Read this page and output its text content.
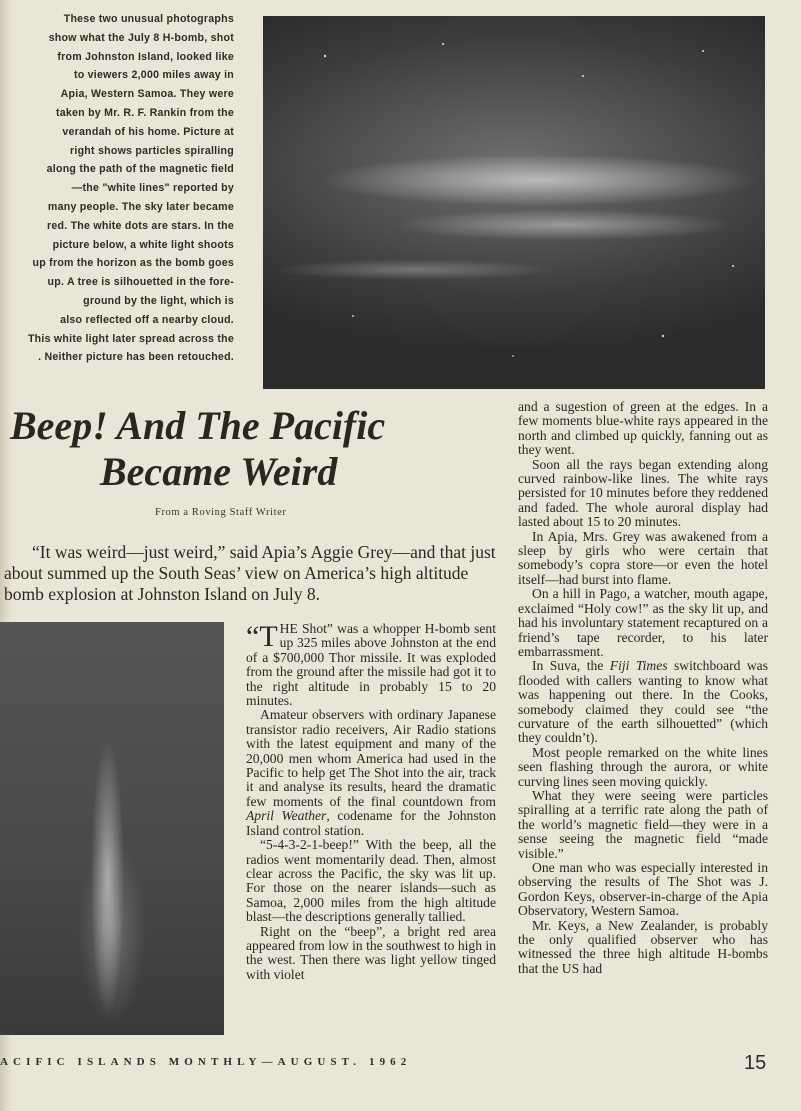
These two unusual photographs
show what the July 8 H-bomb, shot
from Johnston Island, looked like
to viewers 2,000 miles away in
Apia, Western Samoa. They were
taken by Mr. R. F. Rankin from the
verandah of his home. Picture at
right shows particles spiralling
along the path of the magnetic field
—the "white lines" reported by
many people. The sky later became
red. The white dots are stars. In the
picture below, a white light shoots
up from the horizon as the bomb goes
up. A tree is silhouetted in the fore-
ground by the light, which is
also reflected off a nearby cloud.
This white light later spread across the
. Neither picture has been retouched.
Beep! And The Pacific
Became Weird
From a Roving Staff Writer

“It was weird—just weird,” said Apia’s Aggie Grey—and that just about summed up the South Seas’ view on America’s high altitude bomb explosion at Johnston Island on July 8.

“T HE Shot” was a whopper H-bomb sent up 325 miles above Johnston at the end of a $700,000 Thor missile. It was exploded from the ground after the missile had got it to the right altitude in probably 15 to 20 minutes.

Amateur observers with ordinary Japanese transistor radio receivers, Air Radio stations with the latest equipment and many of the 20,000 men whom America had used in the Pacific to help get The Shot into the air, track it and analyse its results, heard the dramatic few moments of the final countdown from April Weather, codename for the Johnston Island control station.

“5-4-3-2-1-beep!” With the beep, all the radios went momentarily dead. Then, almost clear across the Pacific, the sky was lit up. For those on the nearer islands—such as Samoa, 2,000 miles from the high altitude blast—the descriptions generally tallied.

Right on the “beep”, a bright red area appeared from low in the southwest to high in the west. Then there was light yellow tinged with violet

and a sugestion of green at the edges. In a few moments blue-white rays appeared in the north and climbed up quickly, fanning out as they went.

Soon all the rays began extending along curved rainbow-like lines. The white rays persisted for 10 minutes before they reddened and faded. The whole auroral display had lasted about 15 to 20 minutes.

In Apia, Mrs. Grey was awakened from a sleep by girls who were certain that somebody’s copra store—or even the hotel itself—had burst into flame.

On a hill in Pago, a watcher, mouth agape, exclaimed “Holy cow!” as the sky lit up, and had his involuntary statement recaptured on a friend’s tape recorder, to his later embarrassment.

In Suva, the Fiji Times switchboard was flooded with callers wanting to know what was happening out there. In the Cooks, somebody claimed they could see “the curvature of the earth silhouetted” (which they couldn’t).

Most people remarked on the white lines seen flashing through the aurora, or white curving lines seen moving quickly.

What they were seeing were particles spiralling at a terrific rate along the path of the world’s magnetic field—they were in a sense seeing the magnetic field “made visible.”

One man who was especially interested in observing the results of The Shot was J. Gordon Keys, observer-in-charge of the Apia Observatory, Western Samoa.

Mr. Keys, a New Zealander, is probably the only qualified observer who has witnessed the three high altitude H-bombs that the US had

ACIFIC ISLANDS MONTHLY—AUGUST. 1962	15
